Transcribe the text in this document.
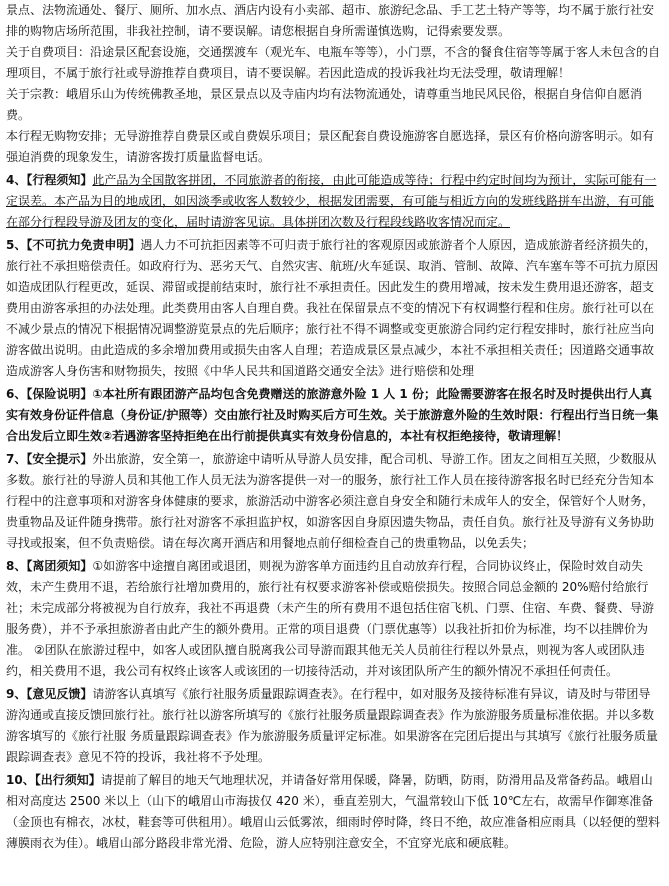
景点、法物流通处、餐厅、厕所、加水点、酒店内设有小卖部、超市、旅游纪念品、手工艺土特产等等，均不属于旅行社安排的购物店场所范围，非我社控制，请不要误解。请您根据自身所需谨慎选购，记得索要发票。

关于自费项目：沿途景区配套设施，交通摆渡车（观光车、电瓶车等等），小门票，不含的餐食住宿等等属于客人未包含的自理项目，不属于旅行社或导游推荐自费项目，请不要误解。若因此造成的投诉我社均无法受理，敬请理解！

关于宗教：峨眉乐山为传统佛教圣地，景区景点以及寺庙内均有法物流通处，请尊重当地民风民俗，根据自身信仰自愿消费。

本行程无购物安排；无导游推荐自费景区或自费娱乐项目；景区配套自费设施游客自愿选择，景区有价格向游客明示。如有强迫消费的现象发生，请游客拨打质量监督电话。

4、【行程须知】此产品为全国散客拼团，不同旅游者的衔接，由此可能造成等待；行程中约定时间均为预计，实际可能有一定误差。本产品为目的地成团，如因淡季或收客人数较少，根据发团需要，有可能与相近方向的发班线路拼车出游，有可能在部分行程段导游及团友的变化，届时请游客见谅。具体拼团次数及行程段线路收客情况而定。

5、【不可抗力免责申明】遇人力不可抗拒因素等不可归责于旅行社的客观原因或旅游者个人原因，造成旅游者经济损失的，旅行社不承担赔偿责任。如政府行为、恶劣天气、自然灾害、航班/火车延误、取消、管制、故障、汽车塞车等不可抗力原因如造成团队行程更改，延误、滞留或提前结束时，旅行社不承担责任。因此发生的费用增减，按未发生费用退还游客，超支费用由游客承担的办法处理。此类费用由客人自理自费。我社在保留景点不变的情况下有权调整行程和住房。旅行社可以在不减少景点的情况下根据情况调整游览景点的先后顺序；旅行社不得不调整或变更旅游合同约定行程安排时，旅行社应当向游客做出说明。由此造成的多余增加费用或损失由客人自理；若造成景区景点减少，本社不承担相关责任；因道路交通事故造成游客人身伤害和财物损失，按照《中华人民共和国道路交通安全法》进行赔偿和处理

6、【保险说明】①本社所有跟团游产品均包含免费赠送的旅游意外险 1 人 1 份；此险需要游客在报名时及时提供出行人真实有效身份证件信息（身份证/护照等）交由旅行社及时购买后方可生效。关于旅游意外险的生效时限：行程出行当日统一集合出发后立即生效②若遇游客坚持拒绝在出行前提供真实有效身份信息的，本社有权拒绝接待，敬请理解！

7、【安全提示】外出旅游，安全第一，旅游途中请听从导游人员安排，配合司机、导游工作。团友之间相互关照，少数服从多数。旅行社的导游人员和其他工作人员无法为游客提供一对一的服务，旅行社工作人员在接待游客报名时已经充分告知本行程中的注意事项和对游客身体健康的要求，旅游活动中游客必须注意自身安全和随行未成年人的安全，保管好个人财务，贵重物品及证件随身携带。旅行社对游客不承担监护权，如游客因自身原因遗失物品，责任自负。旅行社及导游有义务协助寻找或报案，但不负责赔偿。请在每次离开酒店和用餐地点前仔细检查自己的贵重物品，以免丢失；

8、【离团须知】①如游客中途擅自离团或退团，则视为游客单方面违约且自动放弃行程，合同协议终止，保险时效自动失效，未产生费用不退，若给旅行社增加费用的，旅行社有权要求游客补偿或赔偿损失。按照合同总金额的 20%赔付给旅行社；未完成部分将被视为自行放弃，我社不再退费（未产生的所有费用不退包括住宿飞机、门票、住宿、车费、餐费、导游服务费），并不予承担旅游者由此产生的额外费用。正常的项目退费（门票优惠等）以我社折扣价为标准，均不以挂牌价为准。 ②团队在旅游过程中，如客人或团队擅自脱离我公司导游而跟其他无关人员前往行程以外景点，则视为客人或团队违约，相关费用不退，我公司有权终止该客人或该团的一切接待活动，并对该团队所产生的额外情况不承担任何责任。

9、【意见反馈】请游客认真填写《旅行社服务质量跟踪调查表》。在行程中，如对服务及接待标准有异议，请及时与带团导游沟通或直接反馈回旅行社。旅行社以游客所填写的《旅行社服务质量跟踪调查表》作为旅游服务质量标准依据。并以多数游客填写的《旅行社服 务质量跟踪调查表》作为旅游服务质量评定标准。如果游客在完团后提出与其填写《旅行社服务质量跟踪调查表》意见不符的投诉，我社将不予处理。

10、【出行须知】请提前了解目的地天气地理状况，并请备好常用保暖，降暑，防晒，防雨，防滑用品及常备药品。峨眉山相对高度达 2500 米以上（山下的峨眉山市海拔仅 420 米），垂直差别大，气温常较山下低 10℃左右，故需早作御寒准备（金顶也有棉衣，冰杖，鞋套等可供租用）。峨眉山云低雾浓，细雨时停时降，终日不绝，故应准备相应雨具（以轻便的塑料薄膜雨衣为佳）。峨眉山部分路段非常光滑、危险，游人应特别注意安全，不宜穿光底和硬底鞋。
